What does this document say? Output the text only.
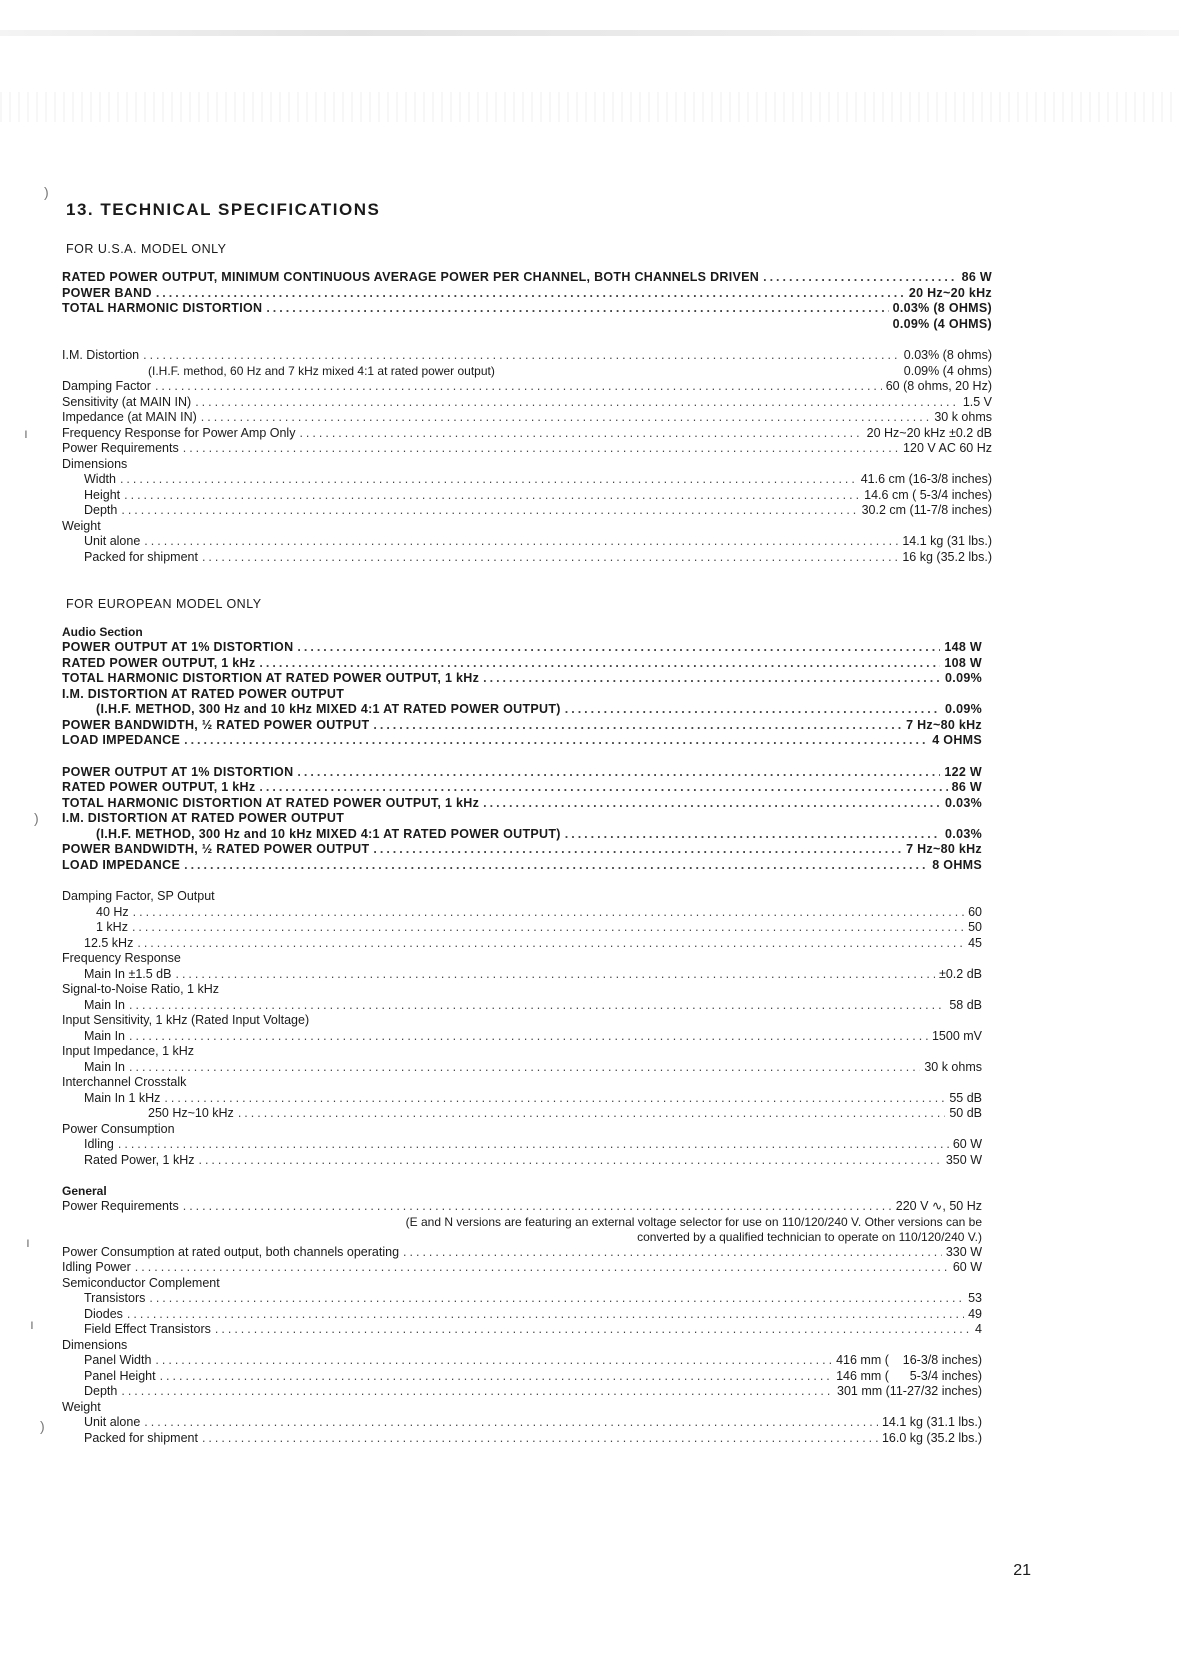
)
ı
)
ı
ı
)
13. TECHNICAL SPECIFICATIONS
FOR U.S.A. MODEL ONLY
RATED POWER OUTPUT, MINIMUM CONTINUOUS AVERAGE POWER PER CHANNEL, BOTH CHANNELS DRIVEN .....	86 W
POWER BAND .....	20 Hz~20 kHz
TOTAL HARMONIC DISTORTION .....	0.03% (8 OHMS)
0.09% (4 OHMS)
I.M. Distortion .....	0.03% (8 ohms)
(I.H.F. method, 60 Hz and 7 kHz mixed 4:1 at rated power output)	0.09% (4 ohms)
Damping Factor .....	60 (8 ohms, 20 Hz)
Sensitivity (at MAIN IN) .....	1.5 V
Impedance (at MAIN IN) .....	30 k ohms
Frequency Response for Power Amp Only .....	20 Hz~20 kHz ±0.2 dB
Power Requirements .....	120 V AC 60 Hz
Dimensions
Width .....	41.6 cm (16-3/8 inches)
Height .....	14.6 cm ( 5-3/4 inches)
Depth .....	30.2 cm (11-7/8 inches)
Weight
Unit alone .....	14.1 kg (31 lbs.)
Packed for shipment .....	16 kg (35.2 lbs.)
FOR EUROPEAN MODEL ONLY
Audio Section
POWER OUTPUT AT 1% DISTORTION .....	148 W
RATED POWER OUTPUT, 1 kHz .....	108 W
TOTAL HARMONIC DISTORTION AT RATED POWER OUTPUT, 1 kHz .....	0.09%
I.M. DISTORTION AT RATED POWER OUTPUT
(I.H.F. METHOD, 300 Hz and 10 kHz MIXED 4:1 AT RATED POWER OUTPUT) .....	0.09%
POWER BANDWIDTH, ½ RATED POWER OUTPUT .....	7 Hz~80 kHz
LOAD IMPEDANCE .....	4 OHMS
POWER OUTPUT AT 1% DISTORTION .....	122 W
RATED POWER OUTPUT, 1 kHz .....	86 W
TOTAL HARMONIC DISTORTION AT RATED POWER OUTPUT, 1 kHz .....	0.03%
I.M. DISTORTION AT RATED POWER OUTPUT
(I.H.F. METHOD, 300 Hz and 10 kHz MIXED 4:1 AT RATED POWER OUTPUT) .....	0.03%
POWER BANDWIDTH, ½ RATED POWER OUTPUT .....	7 Hz~80 kHz
LOAD IMPEDANCE .....	8 OHMS
Damping Factor, SP Output
40 Hz .....	60
1 kHz .....	50
12.5 kHz .....	45
Frequency Response
Main In ±1.5 dB .....	±0.2 dB
Signal-to-Noise Ratio, 1 kHz
Main In .....	58 dB
Input Sensitivity, 1 kHz (Rated Input Voltage)
Main In .....	1500 mV
Input Impedance, 1 kHz
Main In .....	30 k ohms
Interchannel Crosstalk
Main In 1 kHz .....	55 dB
250 Hz~10 kHz .....	50 dB
Power Consumption
Idling .....	60 W
Rated Power, 1 kHz .....	350 W
General
Power Requirements .....	220 V ∿, 50 Hz
(E and N versions are featuring an external voltage selector for use on 110/120/240 V. Other versions can be
converted by a qualified technician to operate on 110/120/240 V.)
Power Consumption at rated output, both channels operating .....	330 W
Idling Power .....	60 W
Semiconductor Complement
Transistors .....	53
Diodes .....	49
Field Effect Transistors .....	4
Dimensions
Panel Width .....	416 mm (    16-3/8 inches)
Panel Height .....	146 mm (      5-3/4 inches)
Depth .....	301 mm (11-27/32 inches)
Weight
Unit alone .....	14.1 kg (31.1 lbs.)
Packed for shipment .....	16.0 kg (35.2 lbs.)
21
